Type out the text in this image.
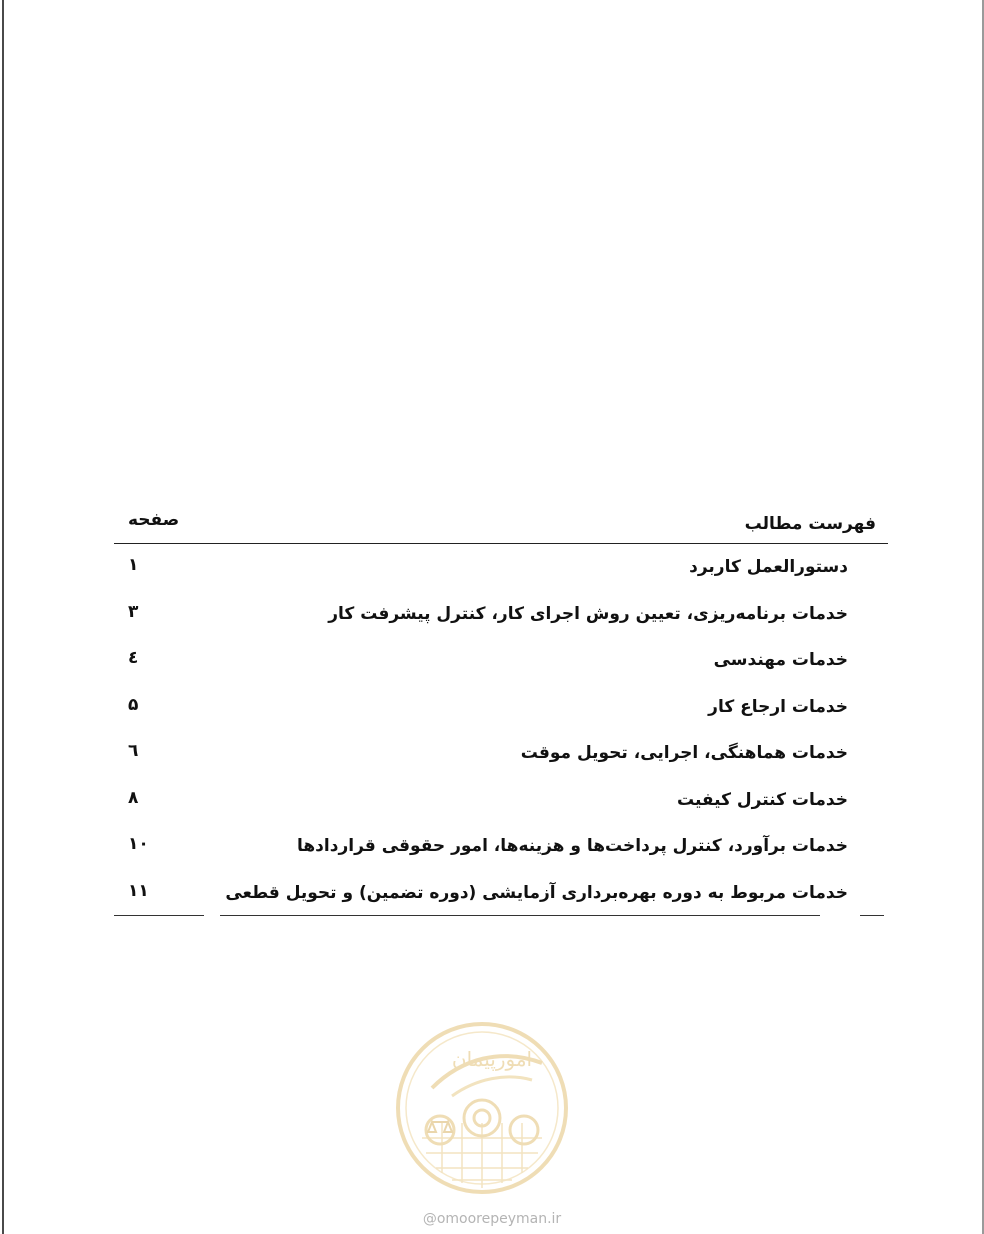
فهرست مطالب
صفحه
دستورالعمل کاربرد
۱
خدمات برنامه‌ریزی، تعیین روش اجرای کار، کنترل پیشرفت کار
۳
خدمات مهندسی
٤
خدمات ارجاع کار
۵
خدمات هماهنگی، اجرایی، تحویل موقت
٦
خدمات کنترل کیفیت
۸
خدمات برآورد، کنترل پرداخت‌ها و هزینه‌ها، امور حقوقی قراردادها
۱۰
خدمات مربوط به دوره بهره‌برداری آزمایشی (دوره تضمین) و تحویل قطعی
۱۱
امورپیمان
@omoorepeyman.ir
